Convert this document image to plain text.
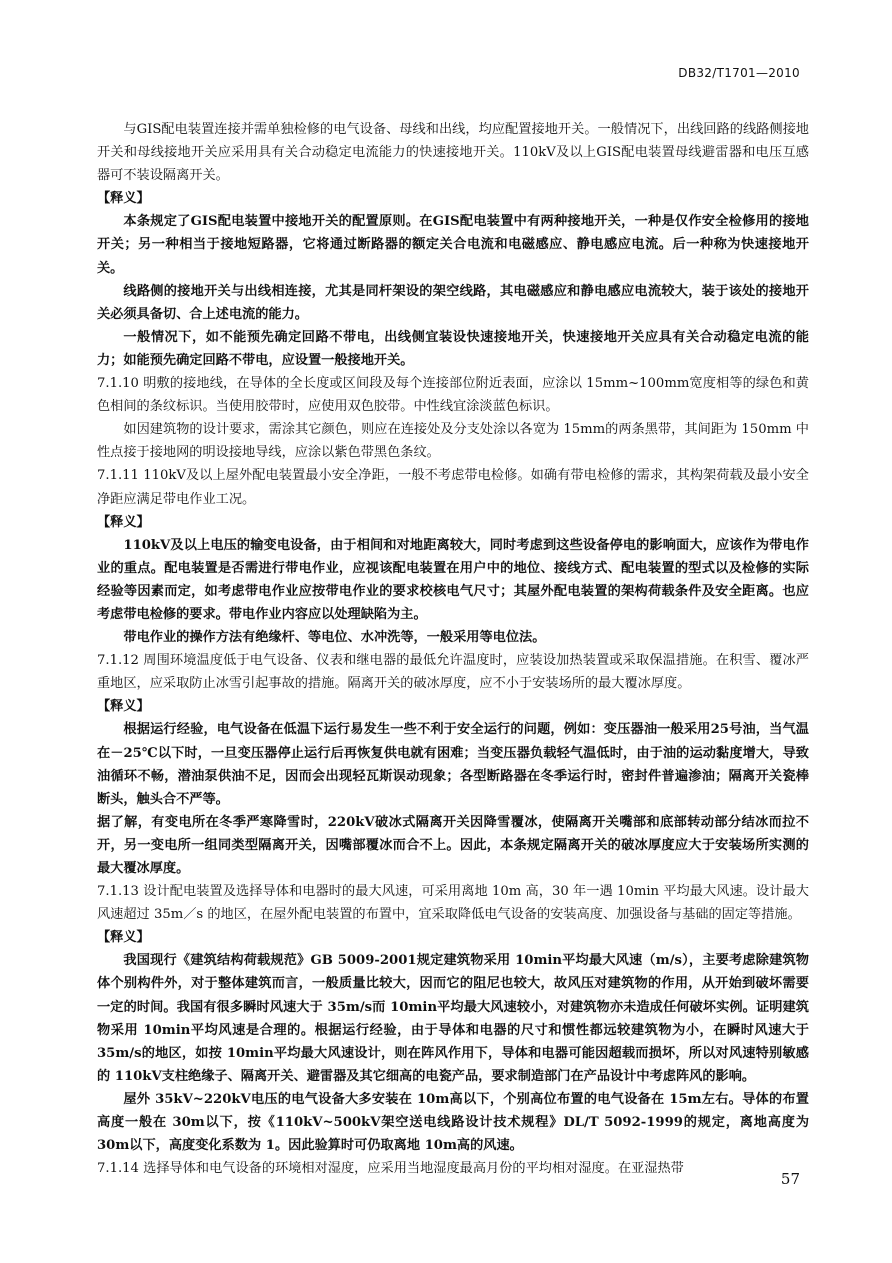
DB32/T1701—2010

与GIS配电装置连接并需单独检修的电气设备、母线和出线，均应配置接地开关。一般情况下，出线回路的线路侧接地开关和母线接地开关应采用具有关合动稳定电流能力的快速接地开关。110kV及以上GIS配电装置母线避雷器和电压互感器可不装设隔离开关。

【释义】

本条规定了GIS配电装置中接地开关的配置原则。在GIS配电装置中有两种接地开关，一种是仅作安全检修用的接地开关；另一种相当于接地短路器，它将通过断路器的额定关合电流和电磁感应、静电感应电流。后一种称为快速接地开关。

线路侧的接地开关与出线相连接，尤其是同杆架设的架空线路，其电磁感应和静电感应电流较大，装于该处的接地开关必须具备切、合上述电流的能力。

一般情况下，如不能预先确定回路不带电，出线侧宜装设快速接地开关，快速接地开关应具有关合动稳定电流的能力；如能预先确定回路不带电，应设置一般接地开关。

7.1.10 明敷的接地线，在导体的全长度或区间段及每个连接部位附近表面，应涂以 15mm~100mm宽度相等的绿色和黄色相间的条纹标识。当使用胶带时，应使用双色胶带。中性线宜涂淡蓝色标识。

如因建筑物的设计要求，需涂其它颜色，则应在连接处及分支处涂以各宽为 15mm的两条黑带，其间距为 150mm 中性点接于接地网的明设接地导线，应涂以紫色带黑色条纹。

7.1.11 110kV及以上屋外配电装置最小安全净距，一般不考虑带电检修。如确有带电检修的需求，其构架荷载及最小安全净距应满足带电作业工况。

【释义】

110kV及以上电压的输变电设备，由于相间和对地距离较大，同时考虑到这些设备停电的影响面大，应该作为带电作业的重点。配电装置是否需进行带电作业，应视该配电装置在用户中的地位、接线方式、配电装置的型式以及检修的实际经验等因素而定，如考虑带电作业应按带电作业的要求校核电气尺寸；其屋外配电装置的架构荷载条件及安全距离。也应考虑带电检修的要求。带电作业内容应以处理缺陷为主。

带电作业的操作方法有绝缘杆、等电位、水冲洗等，一般采用等电位法。

7.1.12 周围环境温度低于电气设备、仪表和继电器的最低允许温度时，应装设加热装置或采取保温措施。在积雪、覆冰严重地区，应采取防止冰雪引起事故的措施。隔离开关的破冰厚度，应不小于安装场所的最大覆冰厚度。

【释义】

根据运行经验，电气设备在低温下运行易发生一些不利于安全运行的问题，例如：变压器油一般采用25号油，当气温在－25℃以下时，一旦变压器停止运行后再恢复供电就有困难；当变压器负载轻气温低时，由于油的运动黏度增大，导致油循环不畅，潜油泵供油不足，因而会出现轻瓦斯误动现象；各型断路器在冬季运行时，密封件普遍渗油；隔离开关瓷棒断头，触头合不严等。

据了解，有变电所在冬季严寒降雪时，220kV破冰式隔离开关因降雪覆冰，使隔离开关嘴部和底部转动部分结冰而拉不开，另一变电所一组同类型隔离开关，因嘴部覆冰而合不上。因此，本条规定隔离开关的破冰厚度应大于安装场所实测的最大覆冰厚度。

7.1.13 设计配电装置及选择导体和电器时的最大风速，可采用离地 10m 高，30 年一遇 10min 平均最大风速。设计最大风速超过 35m／s 的地区，在屋外配电装置的布置中，宜采取降低电气设备的安装高度、加强设备与基础的固定等措施。

【释义】

我国现行《建筑结构荷载规范》GB 5009-2001规定建筑物采用 10min平均最大风速（m/s），主要考虑除建筑物体个别构件外，对于整体建筑而言，一般质量比较大，因而它的阻尼也较大，故风压对建筑物的作用，从开始到破坏需要一定的时间。我国有很多瞬时风速大于 35m/s而 10min平均最大风速较小，对建筑物亦未造成任何破坏实例。证明建筑物采用 10min平均风速是合理的。根据运行经验，由于导体和电器的尺寸和惯性都远较建筑物为小，在瞬时风速大于 35m/s的地区，如按 10min平均最大风速设计，则在阵风作用下，导体和电器可能因超载而损坏，所以对风速特别敏感的 110kV支柱绝缘子、隔离开关、避雷器及其它细高的电瓷产品，要求制造部门在产品设计中考虑阵风的影响。

屋外 35kV~220kV电压的电气设备大多安装在 10m高以下，个别高位布置的电气设备在 15m左右。导体的布置高度一般在 30m以下，按《110kV~500kV架空送电线路设计技术规程》DL/T 5092-1999的规定，离地高度为 30m以下，高度变化系数为 1。因此验算时可仍取离地 10m高的风速。

7.1.14 选择导体和电气设备的环境相对湿度，应采用当地湿度最高月份的平均相对湿度。在亚湿热带

57
